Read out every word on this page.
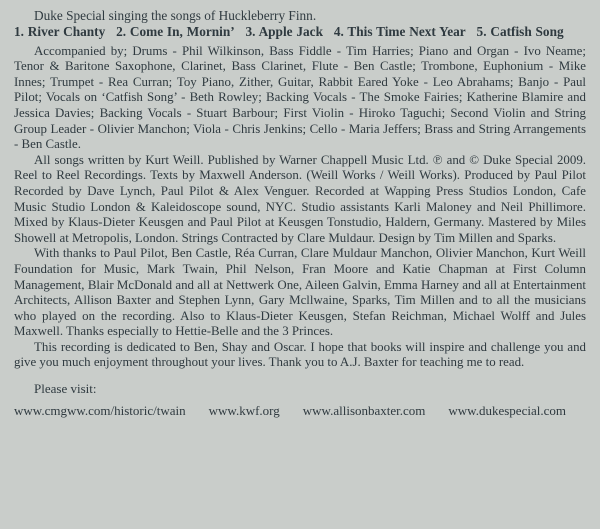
Duke Special singing the songs of Huckleberry Finn.

1. River Chanty 2. Come In, Mornin’ 3. Apple Jack 4. This Time Next Year 5. Catfish Song

Accompanied by; Drums - Phil Wilkinson, Bass Fiddle - Tim Harries; Piano and Organ - Ivo Neame; Tenor & Baritone Saxophone, Clarinet, Bass Clarinet, Flute - Ben Castle; Trombone, Euphonium - Mike Innes; Trumpet - Rea Curran; Toy Piano, Zither, Guitar, Rabbit Eared Yoke - Leo Abrahams; Banjo - Paul Pilot; Vocals on ‘Catfish Song’ - Beth Rowley; Backing Vocals - The Smoke Fairies; Katherine Blamire and Jessica Davies; Backing Vocals - Stuart Barbour; First Violin - Hiroko Taguchi; Second Violin and String Group Leader - Olivier Manchon; Viola - Chris Jenkins; Cello - Maria Jeffers; Brass and String Arrangements - Ben Castle.

All songs written by Kurt Weill. Published by Warner Chappell Music Ltd. ℗ and © Duke Special 2009. Reel to Reel Recordings. Texts by Maxwell Anderson. (Weill Works / Weill Works). Produced by Paul Pilot Recorded by Dave Lynch, Paul Pilot & Alex Venguer. Recorded at Wapping Press Studios London, Cafe Music Studio London & Kaleidoscope sound, NYC. Studio assistants Karli Maloney and Neil Phillimore. Mixed by Klaus-Dieter Keusgen and Paul Pilot at Keusgen Tonstudio, Haldern, Germany. Mastered by Miles Showell at Metropolis, London. Strings Contracted by Clare Muldaur. Design by Tim Millen and Sparks.

With thanks to Paul Pilot, Ben Castle, Réa Curran, Clare Muldaur Manchon, Olivier Manchon, Kurt Weill Foundation for Music, Mark Twain, Phil Nelson, Fran Moore and Katie Chapman at First Column Management, Blair McDonald and all at Nettwerk One, Aileen Galvin, Emma Harney and all at Entertainment Architects, Allison Baxter and Stephen Lynn, Gary Mcllwaine, Sparks, Tim Millen and to all the musicians who played on the recording. Also to Klaus-Dieter Keusgen, Stefan Reichman, Michael Wolff and Jules Maxwell. Thanks especially to Hettie-Belle and the 3 Princes.

This recording is dedicated to Ben, Shay and Oscar. I hope that books will inspire and challenge you and give you much enjoyment throughout your lives. Thank you to A.J. Baxter for teaching me to read.

Please visit:

www.cmgww.com/historic/twain www.kwf.org www.allisonbaxter.com www.dukespecial.com
